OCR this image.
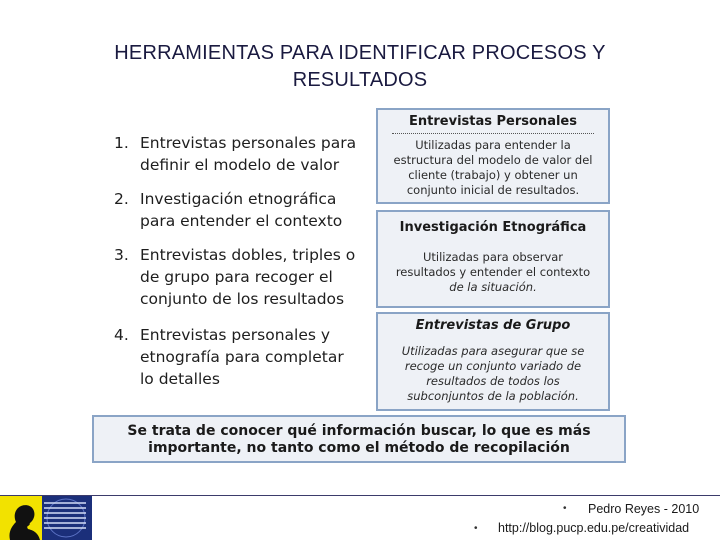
HERRAMIENTAS PARA IDENTIFICAR PROCESOS Y
RESULTADOS
1. Entrevistas personales para
definir el modelo de valor
2. Investigación etnográfica
para entender el contexto
3. Entrevistas dobles, triples o
de grupo para recoger el
conjunto de los resultados
4. Entrevistas personales y
etnografía para completar
lo detalles
Entrevistas Personales
Utilizadas para entender la
estructura del modelo de valor del
cliente (trabajo) y obtener un
conjunto inicial de resultados.
Investigación Etnográfica
Utilizadas para observar
resultados y entender el contexto
de la situación.
Entrevistas de Grupo
Utilizadas para asegurar que se
recoge un conjunto variado de
resultados de todos los
subconjuntos de la población.
Se trata de conocer qué información buscar, lo que es más
importante, no tanto como el método de recopilación
• Pedro Reyes - 2010
• http://blog.pucp.edu.pe/creatividad
